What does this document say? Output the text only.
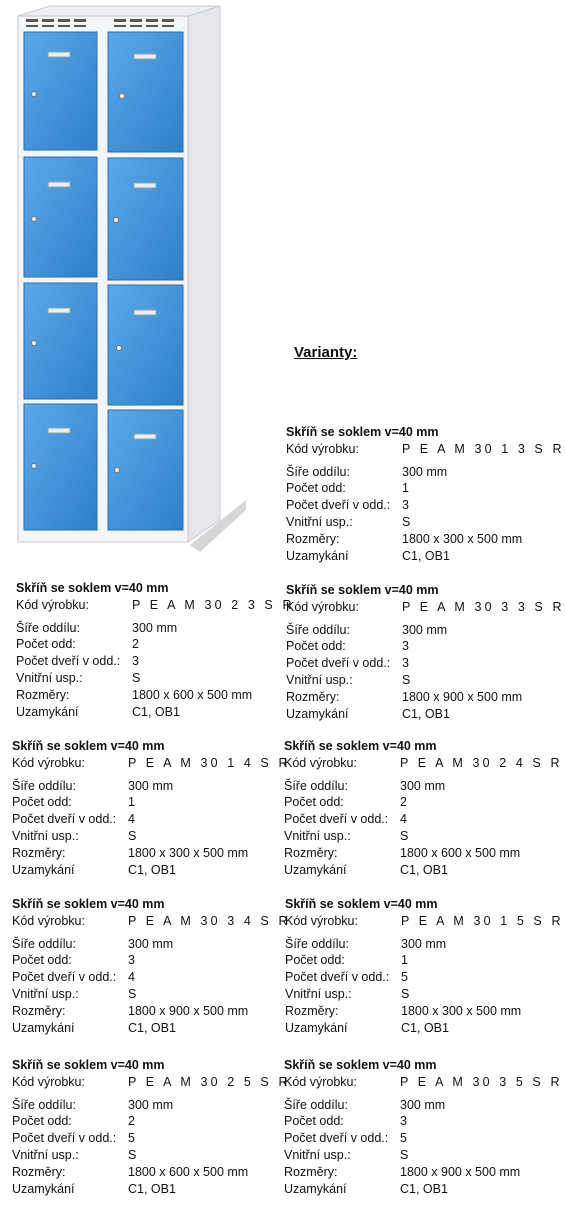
Varianty:
Skříň se soklem v=40 mm
Kód výrobku:	P E A M 30 1 3 S R
Šíře oddílu:	300 mm
Počet odd:	1
Počet dveří v odd.: 3
Vnitřní usp.:	S
Rozměry:	1800 x 300 x 500 mm
Uzamykání	C1, OB1
Skříň se soklem v=40 mm
Kód výrobku:	P E A M 30 2 3 S R
Šíře oddílu:	300 mm
Počet odd:	2
Počet dveří v odd.: 3
Vnitřní usp.:	S
Rozměry:	1800 x 600 x 500 mm
Uzamykání	C1, OB1
Skříň se soklem v=40 mm
Kód výrobku:	P E A M 30 3 3 S R
Šíře oddílu:	300 mm
Počet odd:	3
Počet dveří v odd.: 3
Vnitřní usp.:	S
Rozměry:	1800 x 900 x 500 mm
Uzamykání	C1, OB1
Skříň se soklem v=40 mm
Kód výrobku:	P E A M 30 1 4 S R
Šíře oddílu:	300 mm
Počet odd:	1
Počet dveří v odd.: 4
Vnitřní usp.:	S
Rozměry:	1800 x 300 x 500 mm
Uzamykání	C1, OB1
Skříň se soklem v=40 mm
Kód výrobku:	P E A M 30 2 4 S R
Šíře oddílu:	300 mm
Počet odd:	2
Počet dveří v odd.: 4
Vnitřní usp.:	S
Rozměry:	1800 x 600 x 500 mm
Uzamykání	C1, OB1
Skříň se soklem v=40 mm
Kód výrobku:	P E A M 30 3 4 S R
Šíře oddílu:	300 mm
Počet odd:	3
Počet dveří v odd.: 4
Vnitřní usp.:	S
Rozměry:	1800 x 900 x 500 mm
Uzamykání	C1, OB1
Skříň se soklem v=40 mm
Kód výrobku:	P E A M 30 1 5 S R
Šíře oddílu:	300 mm
Počet odd:	1
Počet dveří v odd.: 5
Vnitřní usp.:	S
Rozměry:	1800 x 300 x 500 mm
Uzamykání	C1, OB1
Skříň se soklem v=40 mm
Kód výrobku:	P E A M 30 2 5 S R
Šíře oddílu:	300 mm
Počet odd:	2
Počet dveří v odd.: 5
Vnitřní usp.:	S
Rozměry:	1800 x 600 x 500 mm
Uzamykání	C1, OB1
Skříň se soklem v=40 mm
Kód výrobku:	P E A M 30 3 5 S R
Šíře oddílu:	300 mm
Počet odd:	3
Počet dveří v odd.: 5
Vnitřní usp.:	S
Rozměry:	1800 x 900 x 500 mm
Uzamykání	C1, OB1
